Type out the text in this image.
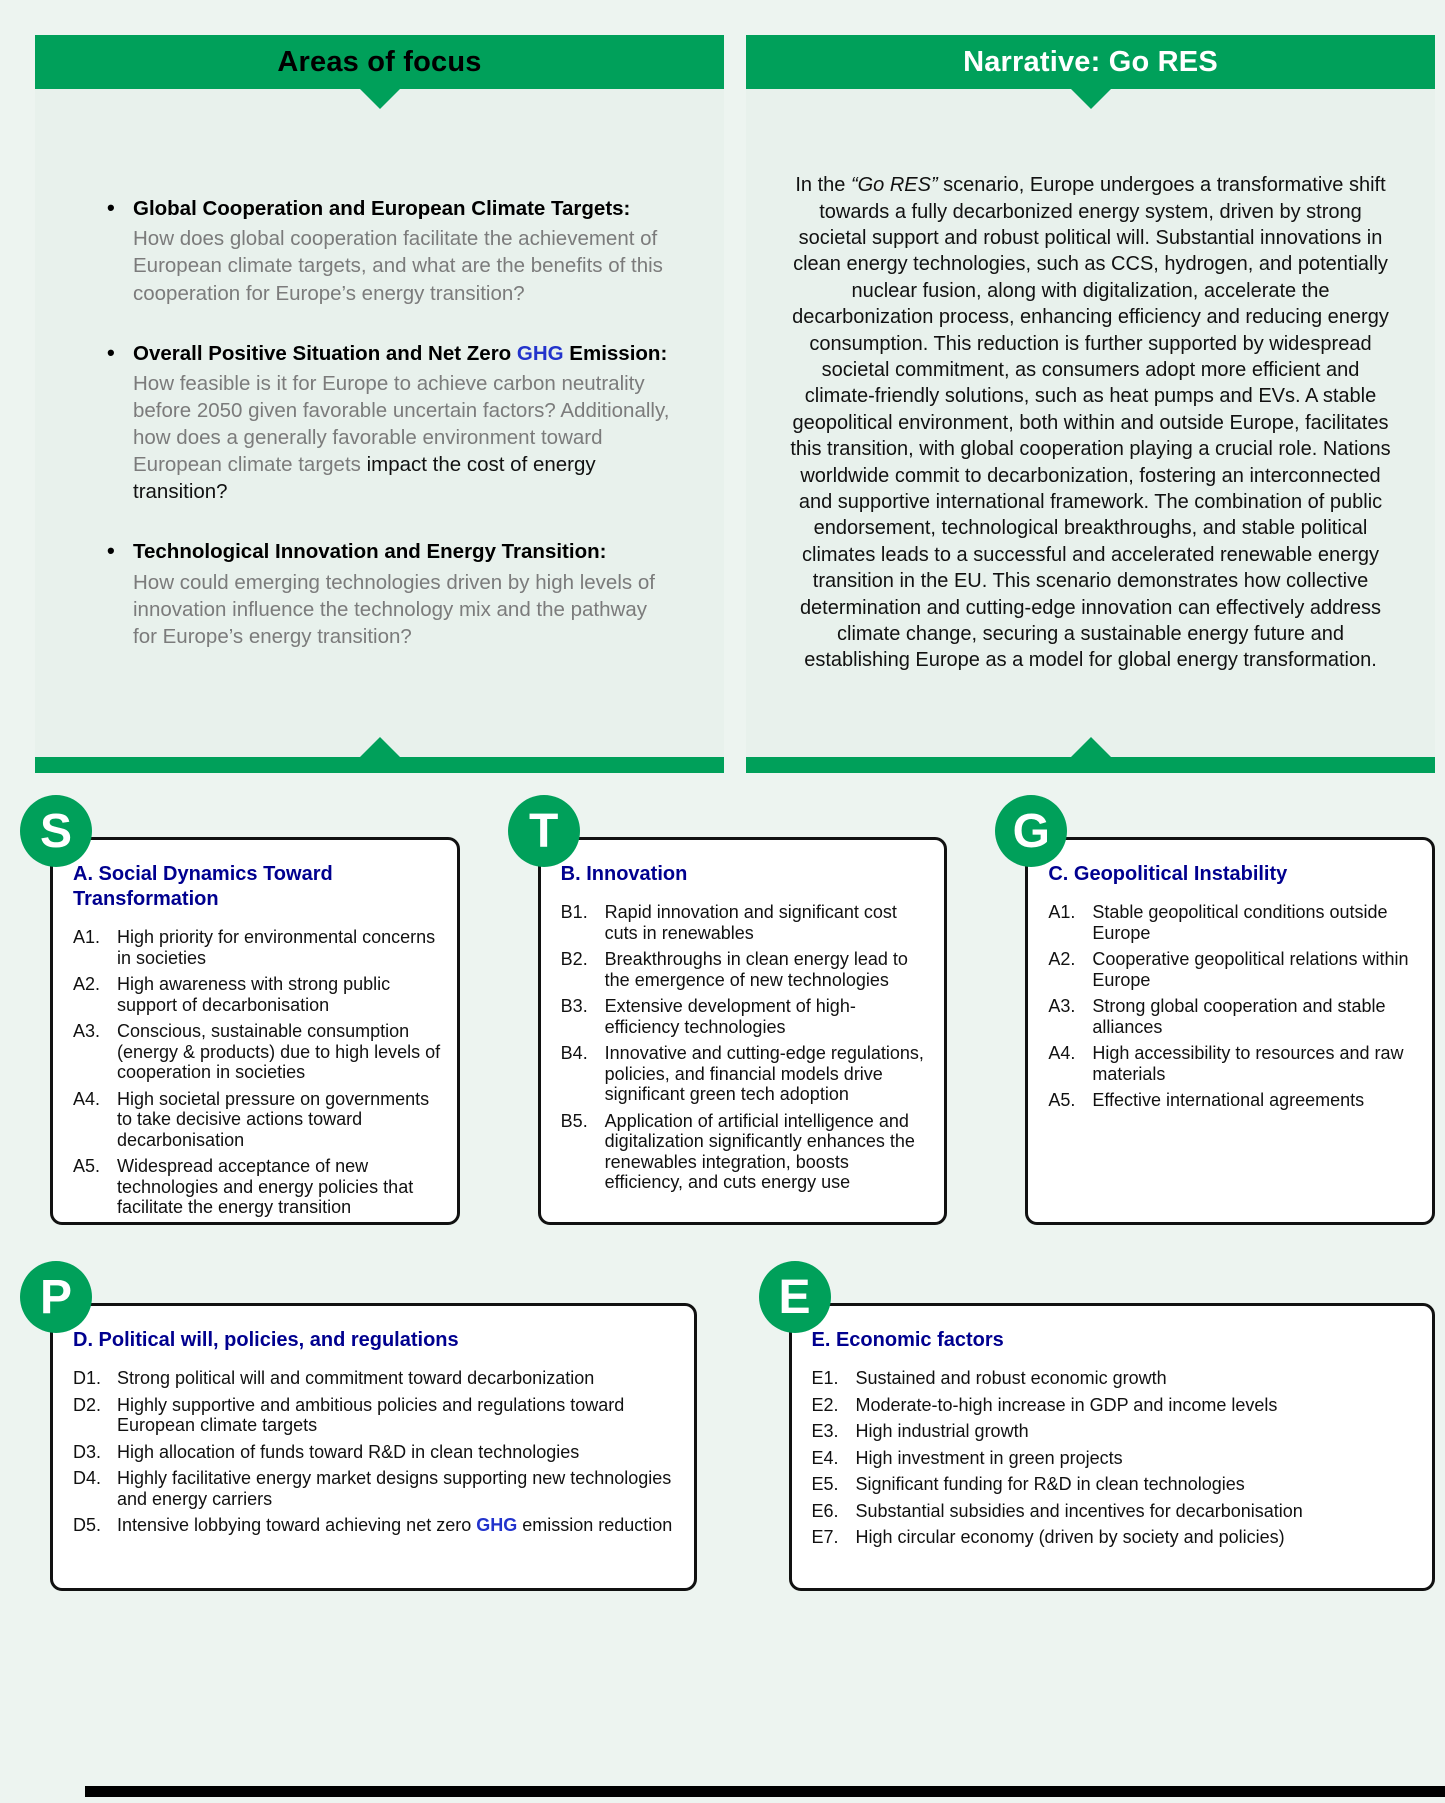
Areas of focus
• Global Cooperation and European Climate Targets:
How does global cooperation facilitate the achievement of European climate targets, and what are the benefits of this cooperation for Europe’s energy transition?
• Overall Positive Situation and Net Zero GHG Emission:
How feasible is it for Europe to achieve carbon neutrality before 2050 given favorable uncertain factors? Additionally, how does a generally favorable environment toward European climate targets impact the cost of energy transition?
• Technological Innovation and Energy Transition:
How could emerging technologies driven by high levels of innovation influence the technology mix and the pathway for Europe’s energy transition?
Narrative: Go RES
In the “Go RES” scenario, Europe undergoes a transformative shift towards a fully decarbonized energy system, driven by strong societal support and robust political will. Substantial innovations in clean energy technologies, such as CCS, hydrogen, and potentially nuclear fusion, along with digitalization, accelerate the decarbonization process, enhancing efficiency and reducing energy consumption. This reduction is further supported by widespread societal commitment, as consumers adopt more efficient and climate-friendly solutions, such as heat pumps and EVs. A stable geopolitical environment, both within and outside Europe, facilitates this transition, with global cooperation playing a crucial role. Nations worldwide commit to decarbonization, fostering an interconnected and supportive international framework. The combination of public endorsement, technological breakthroughs, and stable political climates leads to a successful and accelerated renewable energy transition in the EU. This scenario demonstrates how collective determination and cutting-edge innovation can effectively address climate change, securing a sustainable energy future and establishing Europe as a model for global energy transformation.
S
A. Social Dynamics Toward Transformation
A1. High priority for environmental concerns in societies
A2. High awareness with strong public support of decarbonisation
A3. Conscious, sustainable consumption (energy & products) due to high levels of cooperation in societies
A4. High societal pressure on governments to take decisive actions toward decarbonisation
A5. Widespread acceptance of new technologies and energy policies that facilitate the energy transition
T
B. Innovation
B1. Rapid innovation and significant cost cuts in renewables
B2. Breakthroughs in clean energy lead to the emergence of new technologies
B3. Extensive development of high-efficiency technologies
B4. Innovative and cutting-edge regulations, policies, and financial models drive significant green tech adoption
B5. Application of artificial intelligence and digitalization significantly enhances the renewables integration, boosts efficiency, and cuts energy use
G
C. Geopolitical Instability
A1. Stable geopolitical conditions outside Europe
A2. Cooperative geopolitical relations within Europe
A3. Strong global cooperation and stable alliances
A4. High accessibility to resources and raw materials
A5. Effective international agreements
P
D. Political will, policies, and regulations
D1. Strong political will and commitment toward decarbonization
D2. Highly supportive and ambitious policies and regulations toward European climate targets
D3. High allocation of funds toward R&D in clean technologies
D4. Highly facilitative energy market designs supporting new technologies and energy carriers
D5. Intensive lobbying toward achieving net zero GHG emission reduction
E
E. Economic factors
E1. Sustained and robust economic growth
E2. Moderate-to-high increase in GDP and income levels
E3. High industrial growth
E4. High investment in green projects
E5. Significant funding for R&D in clean technologies
E6. Substantial subsidies and incentives for decarbonisation
E7. High circular economy (driven by society and policies)
